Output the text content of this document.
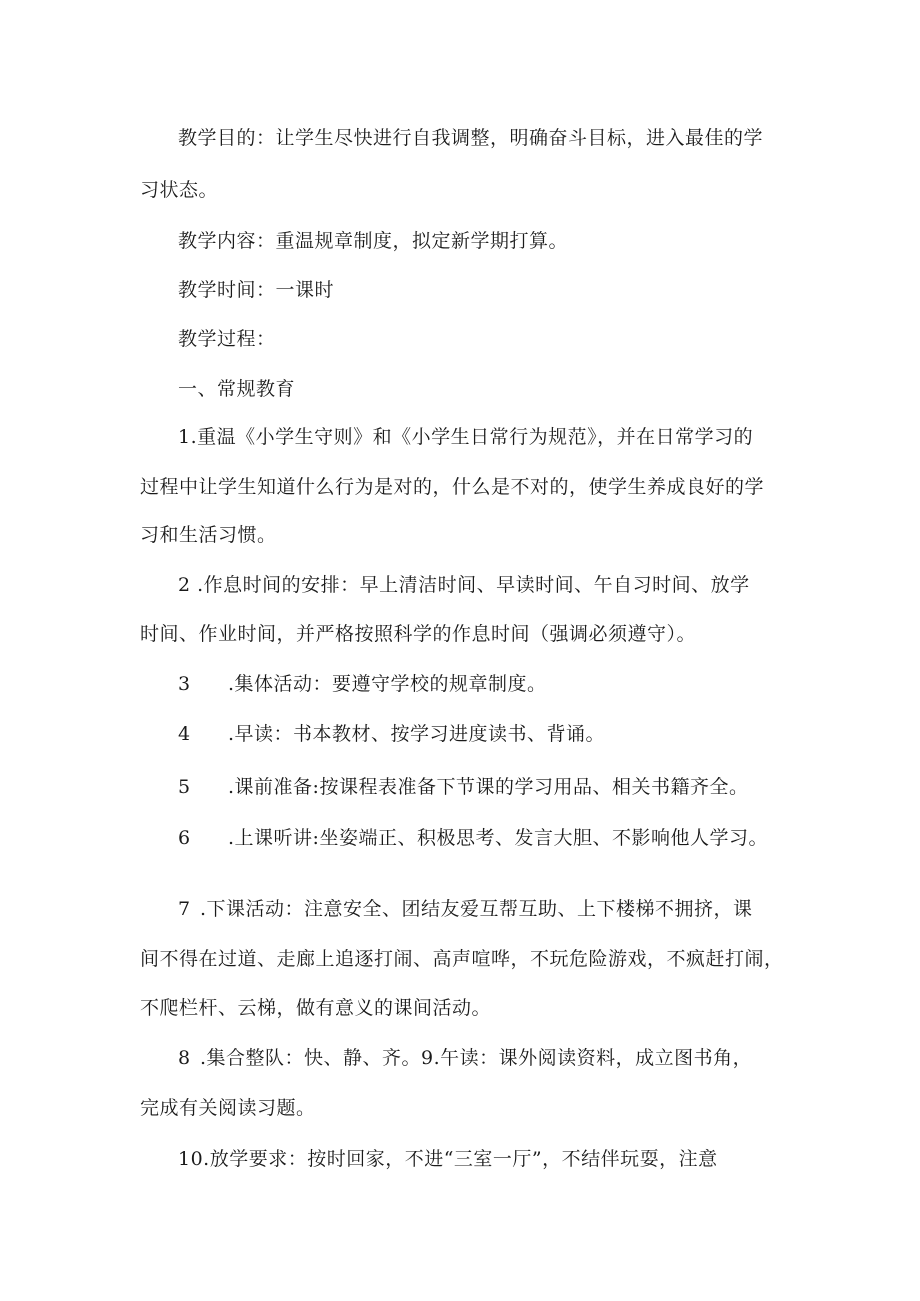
教学目的：让学生尽快进行自我调整，明确奋斗目标，进入最佳的学
习状态。
教学内容：重温规章制度，拟定新学期打算。
教学时间：一课时
教学过程：
一、常规教育
1.重温《小学生守则》和《小学生日常行为规范》，并在日常学习的
过程中让学生知道什么行为是对的，什么是不对的，使学生养成良好的学
习和生活习惯。
2 .作息时间的安排：早上清洁时间、早读时间、午自习时间、放学
时间、作业时间，并严格按照科学的作息时间（强调必须遵守）。
3 .集体活动：要遵守学校的规章制度。
4 .早读：书本教材、按学习进度读书、背诵。
5 .课前准备:按课程表准备下节课的学习用品、相关书籍齐全。
6 .上课听讲:坐姿端正、积极思考、发言大胆、不影响他人学习。
7 .下课活动：注意安全、团结友爱互帮互助、上下楼梯不拥挤，课
间不得在过道、走廊上追逐打闹、高声喧哗，不玩危险游戏，不疯赶打闹，
不爬栏杆、云梯，做有意义的课间活动。
8 .集合整队：快、静、齐。9.午读：课外阅读资料，成立图书角，
完成有关阅读习题。
10.放学要求：按时回家，不进“三室一厅”，不结伴玩耍，注意
